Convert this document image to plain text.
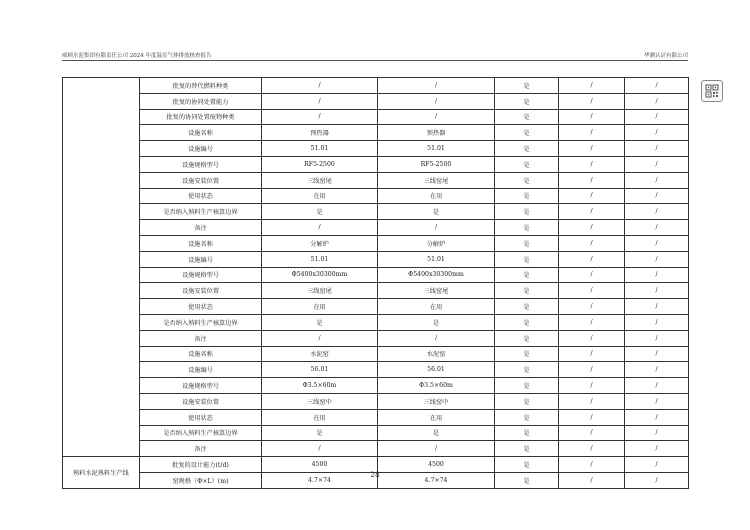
威顿水泥集团有限责任公司 2024 年度温室气体排放核查报告	华测认证有限公司
	批复的替代燃料种类	/	/	是	/	/
	批复的协同处置能力	/	/	是	/	/
	批复的协同处置废物种类	/	/	是	/	/
	设施名称	预热器	预热器	是	/	/
	设施编号	51.01	51.01	是	/	/
	设施规格型号	RF5-2500	RF5-2500	是	/	/
	设施安装位置	三线窑尾	三线窑尾	是	/	/
	使用状态	在用	在用	是	/	/
	是否纳入熟料生产核算边界	是	是	是	/	/
	备注	/	/	是	/	/
	设施名称	分解炉	分解炉	是	/	/
	设施编号	51.01	51.01	是	/	/
	设施规格型号	Φ5400x30300mm	Φ5400x30300mm	是	/	/
	设施安装位置	三线窑尾	三线窑尾	是	/	/
	使用状态	在用	在用	是	/	/
	是否纳入熟料生产核算边界	是	是	是	/	/
	备注	/	/	是	/	/
	设施名称	水泥窑	水泥窑	是	/	/
	设施编号	56.01	56.01	是	/	/
	设施规格型号	Φ3.5×60m	Φ3.5×60m	是	/	/
	设施安装位置	三线窑中	三线窑中	是	/	/
	使用状态	在用	在用	是	/	/
	是否纳入熟料生产核算边界	是	是	是	/	/
	备注	/	/	是	/	/
熟料水泥熟料生产线	批复的设计能力(t/d)	4500	4500	是	/	/
	窑规格（Φ×L）(m)	4.7×74	4.7×74	是	/	/
28
